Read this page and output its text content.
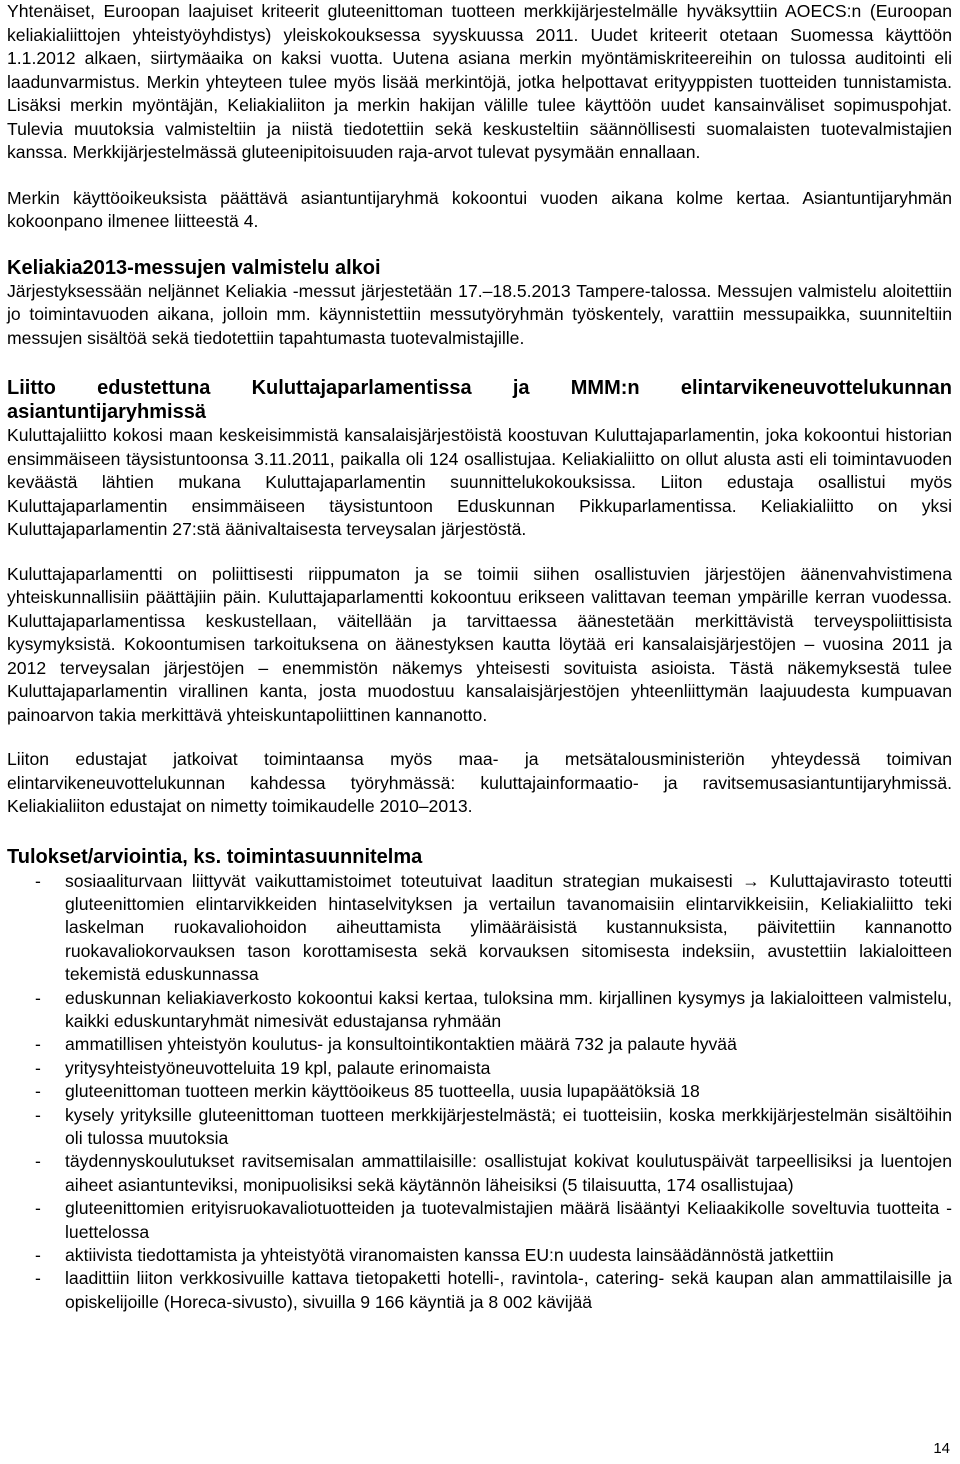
Yhtenäiset, Euroopan laajuiset kriteerit gluteenittoman tuotteen merkkijärjestelmälle hyväksyttiin AOECS:n (Euroopan keliakialiittojen yhteistyöyhdistys) yleiskokouksessa syyskuussa 2011. Uudet kriteerit otetaan Suomessa käyttöön 1.1.2012 alkaen, siirtymäaika on kaksi vuotta. Uutena asiana merkin myöntämiskriteereihin on tulossa auditointi eli laadunvarmistus. Merkin yhteyteen tulee myös lisää merkintöjä, jotka helpottavat erityyppisten tuotteiden tunnistamista. Lisäksi merkin myöntäjän, Keliakialiiton ja merkin hakijan välille tulee käyttöön uudet kansainväliset sopimuspohjat. Tulevia muutoksia valmisteltiin ja niistä tiedotettiin sekä keskusteltiin säännöllisesti suomalaisten tuotevalmistajien kanssa. Merkkijärjestelmässä gluteenipitoisuuden raja-arvot tulevat pysymään ennallaan.

Merkin käyttöoikeuksista päättävä asiantuntijaryhmä kokoontui vuoden aikana kolme kertaa. Asiantuntijaryhmän kokoonpano ilmenee liitteestä 4.

Keliakia2013-messujen valmistelu alkoi

Järjestyksessään neljännet Keliakia -messut järjestetään 17.–18.5.2013 Tampere-talossa. Messujen valmistelu aloitettiin jo toimintavuoden aikana, jolloin mm. käynnistettiin messutyöryhmän työskentely, varattiin messupaikka, suunniteltiin messujen sisältöä sekä tiedotettiin tapahtumasta tuotevalmistajille.

Liitto edustettuna Kuluttajaparlamentissa ja MMM:n elintarvikeneuvottelukunnan asiantuntijaryhmissä

Kuluttajaliitto kokosi maan keskeisimmistä kansalaisjärjestöistä koostuvan Kuluttajaparlamentin, joka kokoontui historian ensimmäiseen täysistuntoonsa 3.11.2011, paikalla oli 124 osallistujaa. Keliakialiitto on ollut alusta asti eli toimintavuoden keväästä lähtien mukana Kuluttajaparlamentin suunnittelukokouksissa. Liiton edustaja osallistui myös Kuluttajaparlamentin ensimmäiseen täysistuntoon Eduskunnan Pikkuparlamentissa. Keliakialiitto on yksi Kuluttajaparlamentin 27:stä äänivaltaisesta terveysalan järjestöstä.

Kuluttajaparlamentti on poliittisesti riippumaton ja se toimii siihen osallistuvien järjestöjen äänenvahvistimena yhteiskunnallisiin päättäjiin päin. Kuluttajaparlamentti kokoontuu erikseen valittavan teeman ympärille kerran vuodessa. Kuluttajaparlamentissa keskustellaan, väitellään ja tarvittaessa äänestetään merkittävistä terveyspoliittisista kysymyksistä. Kokoontumisen tarkoituksena on äänestyksen kautta löytää eri kansalaisjärjestöjen – vuosina 2011 ja 2012 terveysalan järjestöjen – enemmistön näkemys yhteisesti sovituista asioista. Tästä näkemyksestä tulee Kuluttajaparlamentin virallinen kanta, josta muodostuu kansalaisjärjestöjen yhteenliittymän laajuudesta kumpuavan painoarvon takia merkittävä yhteiskuntapoliittinen kannanotto.

Liiton edustajat jatkoivat toimintaansa myös maa- ja metsätalousministeriön yhteydessä toimivan elintarvikeneuvottelukunnan kahdessa työryhmässä: kuluttajainformaatio- ja ravitsemusasiantuntijaryhmissä. Keliakialiiton edustajat on nimetty toimikaudelle 2010–2013.

Tulokset/arviointia, ks. toimintasuunnitelma
- sosiaaliturvaan liittyvät vaikuttamistoimet toteutuivat laaditun strategian mukaisesti → Kuluttajavirasto toteutti gluteenittomien elintarvikkeiden hintaselvityksen ja vertailun tavanomaisiin elintarvikkeisiin, Keliakialiitto teki laskelman ruokavaliohoidon aiheuttamista ylimääräisistä kustannuksista, päivitettiin kannanotto ruokavaliokorvauksen tason korottamisesta sekä korvauksen sitomisesta indeksiin, avustettiin lakialoitteen tekemistä eduskunnassa
- eduskunnan keliakiaverkosto kokoontui kaksi kertaa, tuloksina mm. kirjallinen kysymys ja lakialoitteen valmistelu, kaikki eduskuntaryhmät nimesivät edustajansa ryhmään
- ammatillisen yhteistyön koulutus- ja konsultointikontaktien määrä 732 ja palaute hyvää
- yritysyhteistyöneuvotteluita 19 kpl, palaute erinomaista
- gluteenittoman tuotteen merkin käyttöoikeus 85 tuotteella, uusia lupapäätöksiä 18
- kysely yrityksille gluteenittoman tuotteen merkkijärjestelmästä; ei tuotteisiin, koska merkkijärjestelmän sisältöihin oli tulossa muutoksia
- täydennyskoulutukset ravitsemisalan ammattilaisille: osallistujat kokivat koulutuspäivät tarpeellisiksi ja luentojen aiheet asiantunteviksi, monipuolisiksi sekä käytännön läheisiksi (5 tilaisuutta, 174 osallistujaa)
- gluteenittomien erityisruokavaliotuotteiden ja tuotevalmistajien määrä lisääntyi Keliaakikolle soveltuvia tuotteita -luettelossa
- aktiivista tiedottamista ja yhteistyötä viranomaisten kanssa EU:n uudesta lainsäädännöstä jatkettiin
- laadittiin liiton verkkosivuille kattava tietopaketti hotelli-, ravintola-, catering- sekä kaupan alan ammattilaisille ja opiskelijoille (Horeca-sivusto), sivuilla 9 166 käyntiä ja 8 002 kävijää
14
